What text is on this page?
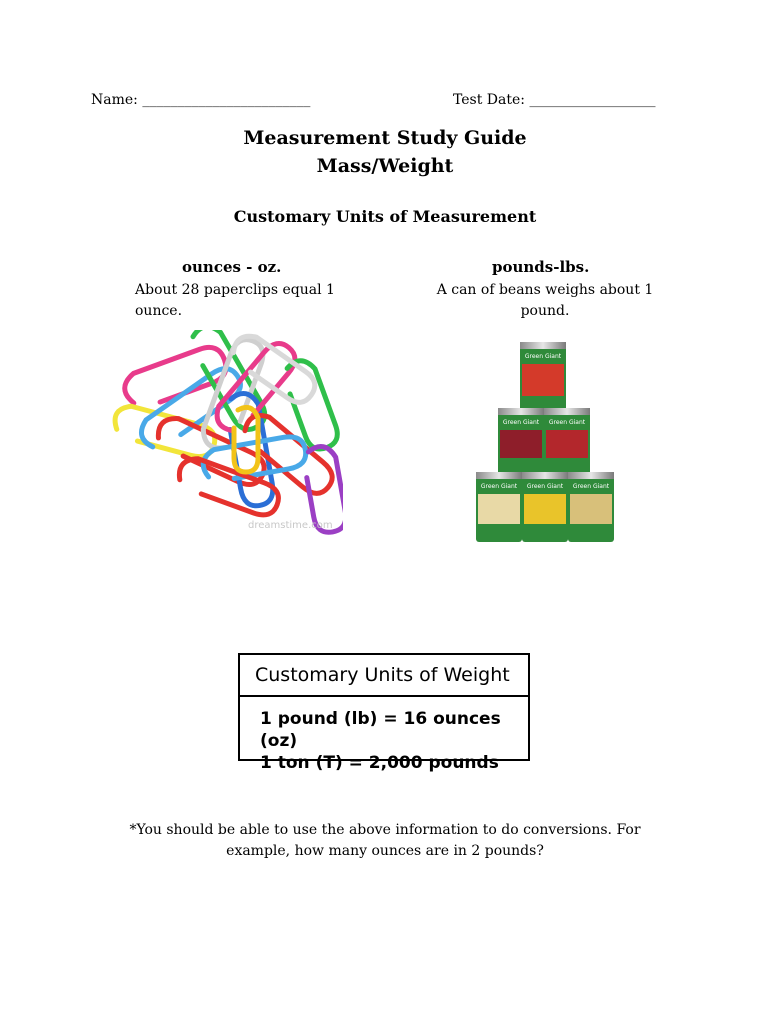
Name: ________________________	Test Date: __________________
Measurement Study Guide
Mass/Weight
Customary Units of Measurement
ounces - oz.
About 28 paperclips equal 1 ounce.
pounds-lbs.
A can of beans weighs about 1 pound.
dreamstime.com
Green Giant
Green Giant Green Giant
Green Giant Green Giant Green Giant
Customary Units of Weight
1 pound (lb) = 16 ounces (oz)
1 ton (T) = 2,000 pounds
*You should be able to use the above information to do conversions. For example, how many ounces are in 2 pounds?
